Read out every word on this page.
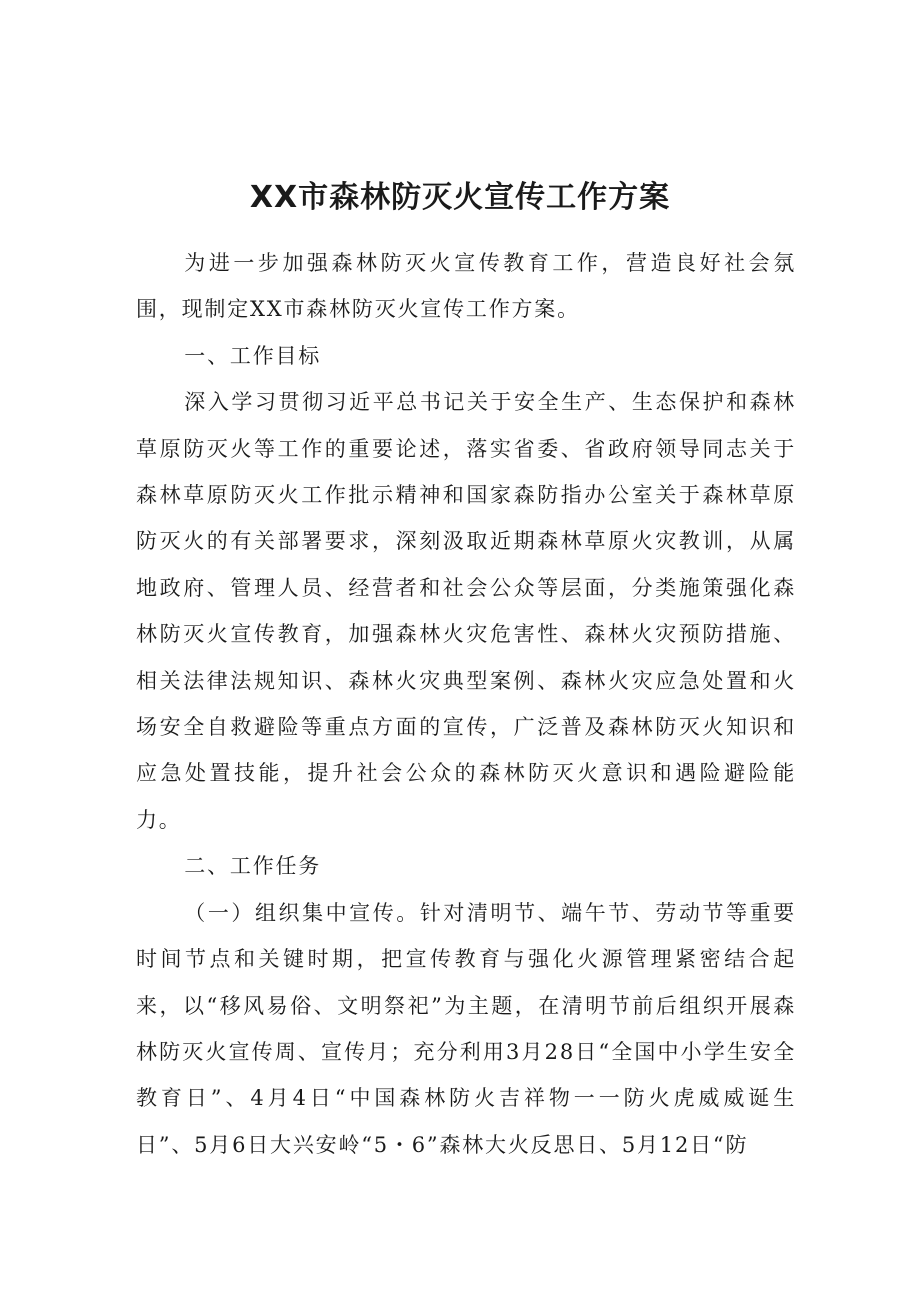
XX市森林防灭火宣传工作方案

为进一步加强森林防灭火宣传教育工作，营造良好社会氛围，现制定XX市森林防灭火宣传工作方案。

一、工作目标

深入学习贯彻习近平总书记关于安全生产、生态保护和森林草原防灭火等工作的重要论述，落实省委、省政府领导同志关于森林草原防灭火工作批示精神和国家森防指办公室关于森林草原防灭火的有关部署要求，深刻汲取近期森林草原火灾教训，从属地政府、管理人员、经营者和社会公众等层面，分类施策强化森林防灭火宣传教育，加强森林火灾危害性、森林火灾预防措施、相关法律法规知识、森林火灾典型案例、森林火灾应急处置和火场安全自救避险等重点方面的宣传，广泛普及森林防灭火知识和应急处置技能，提升社会公众的森林防灭火意识和遇险避险能力。

二、工作任务

（一）组织集中宣传。针对清明节、端午节、劳动节等重要时间节点和关键时期，把宣传教育与强化火源管理紧密结合起来，以“移风易俗、文明祭祀”为主题，在清明节前后组织开展森林防灭火宣传周、宣传月；充分利用3月28日“全国中小学生安全教育日”、4月4日“中国森林防火吉祥物一一防火虎威威诞生日”、5月6日大兴安岭“5・6”森林大火反思日、5月12日“防
